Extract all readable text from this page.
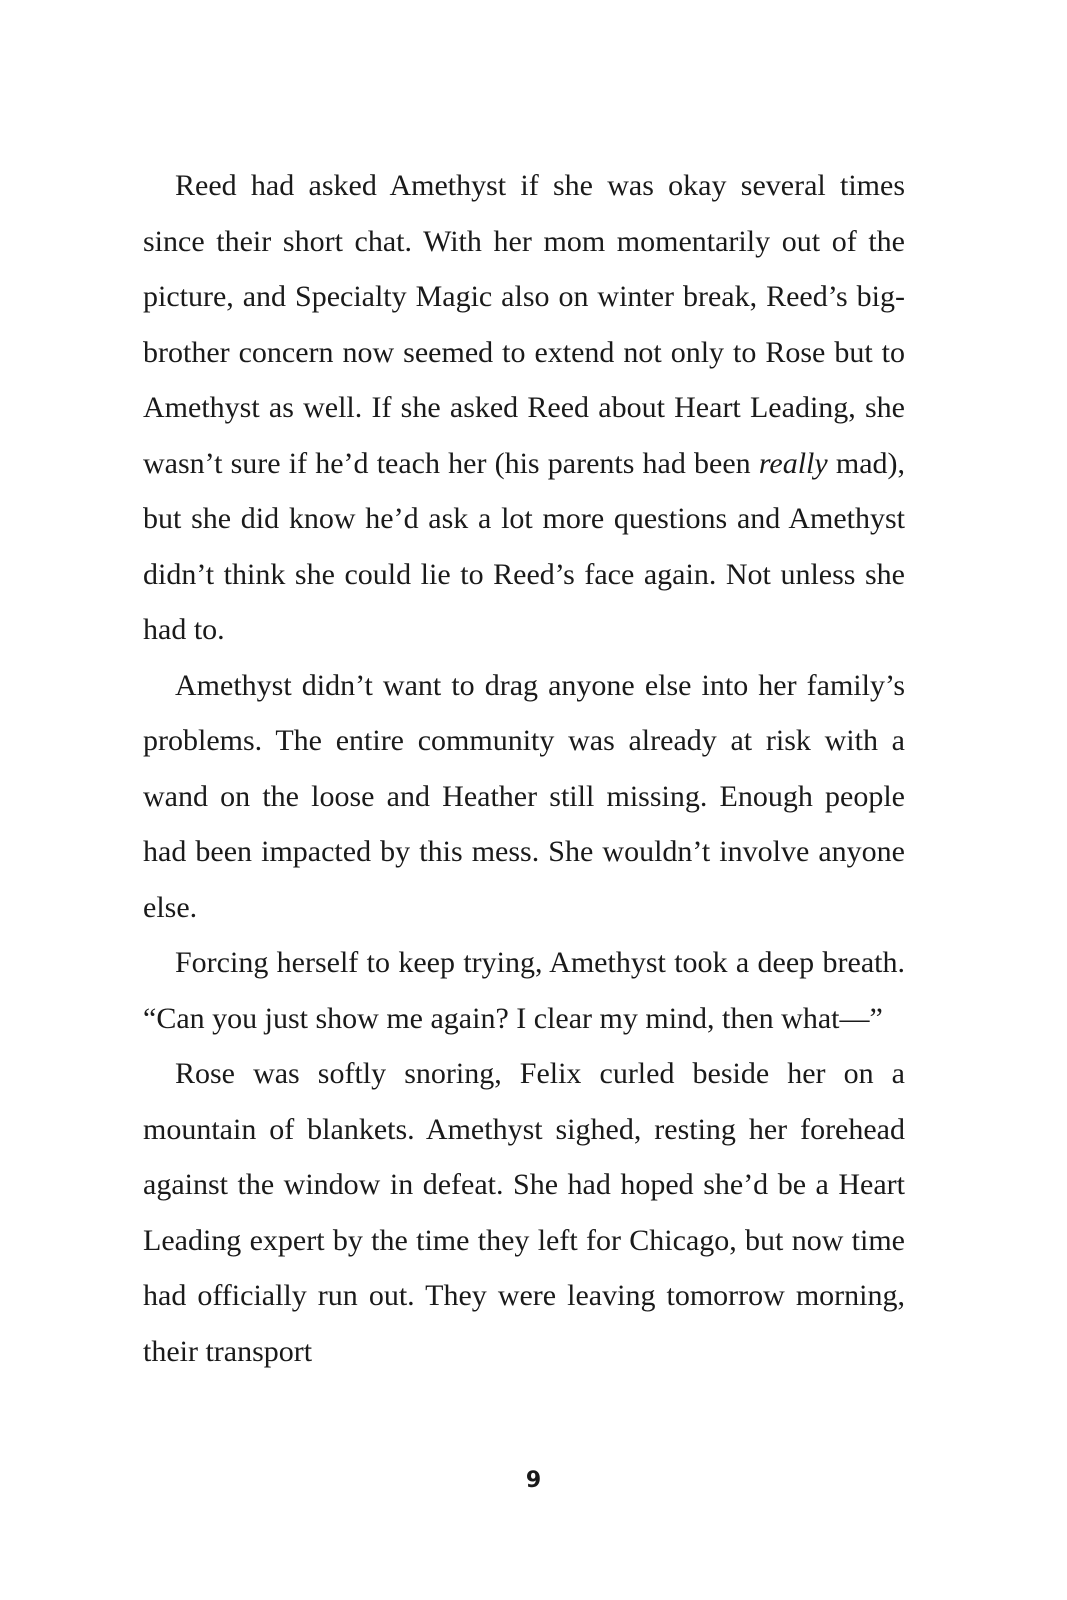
Reed had asked Amethyst if she was okay several times since their short chat. With her mom momentarily out of the picture, and Specialty Magic also on winter break, Reed’s big-brother concern now seemed to extend not only to Rose but to Amethyst as well. If she asked Reed about Heart Leading, she wasn’t sure if he’d teach her (his parents had been really mad), but she did know he’d ask a lot more questions and Amethyst didn’t think she could lie to Reed’s face again. Not unless she had to.

Amethyst didn’t want to drag anyone else into her family’s problems. The entire community was already at risk with a wand on the loose and Heather still missing. Enough people had been impacted by this mess. She wouldn’t involve anyone else.

Forcing herself to keep trying, Amethyst took a deep breath. “Can you just show me again? I clear my mind, then what—”

Rose was softly snoring, Felix curled beside her on a mountain of blankets. Amethyst sighed, resting her forehead against the window in defeat. She had hoped she’d be a Heart Leading expert by the time they left for Chicago, but now time had officially run out. They were leaving tomorrow morning, their transport

9
